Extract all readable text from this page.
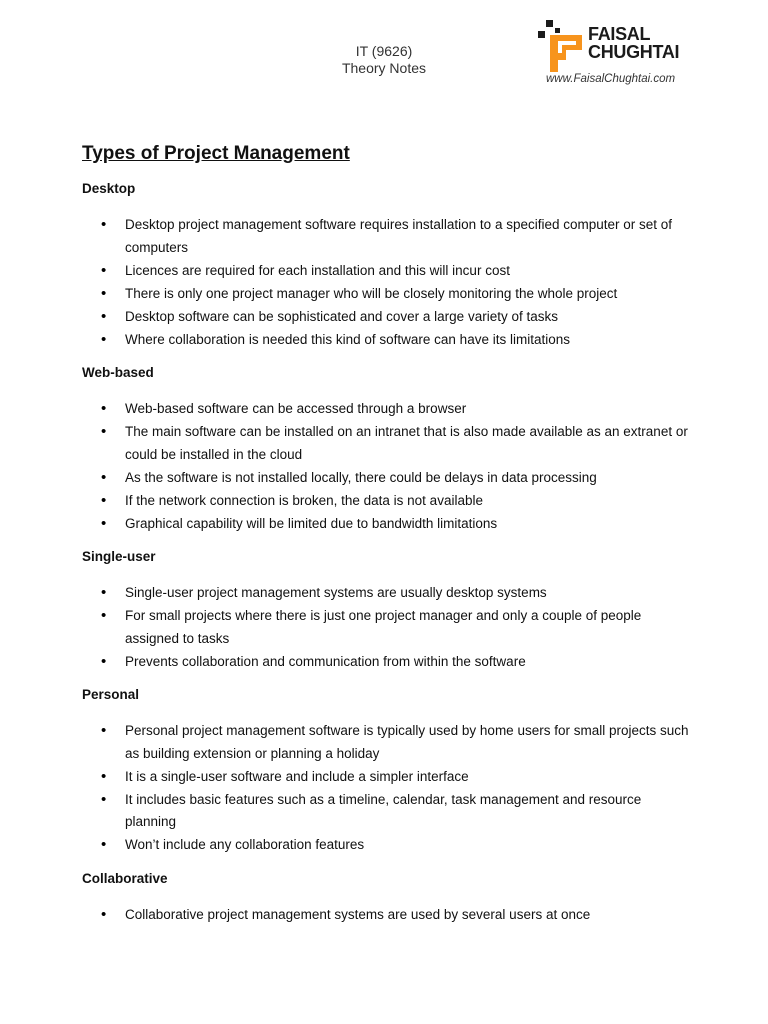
IT (9626)
Theory Notes
FAISAL
CHUGHTAI
www.FaisalChughtai.com
Types of Project Management
Desktop
• Desktop project management software requires installation to a specified computer or set of computers
• Licences are required for each installation and this will incur cost
• There is only one project manager who will be closely monitoring the whole project
• Desktop software can be sophisticated and cover a large variety of tasks
• Where collaboration is needed this kind of software can have its limitations
Web-based
• Web-based software can be accessed through a browser
• The main software can be installed on an intranet that is also made available as an extranet or could be installed in the cloud
• As the software is not installed locally, there could be delays in data processing
• If the network connection is broken, the data is not available
• Graphical capability will be limited due to bandwidth limitations
Single-user
• Single-user project management systems are usually desktop systems
• For small projects where there is just one project manager and only a couple of people assigned to tasks
• Prevents collaboration and communication from within the software
Personal
• Personal project management software is typically used by home users for small projects such as building extension or planning a holiday
• It is a single-user software and include a simpler interface
• It includes basic features such as a timeline, calendar, task management and resource planning
• Won’t include any collaboration features
Collaborative
• Collaborative project management systems are used by several users at once
